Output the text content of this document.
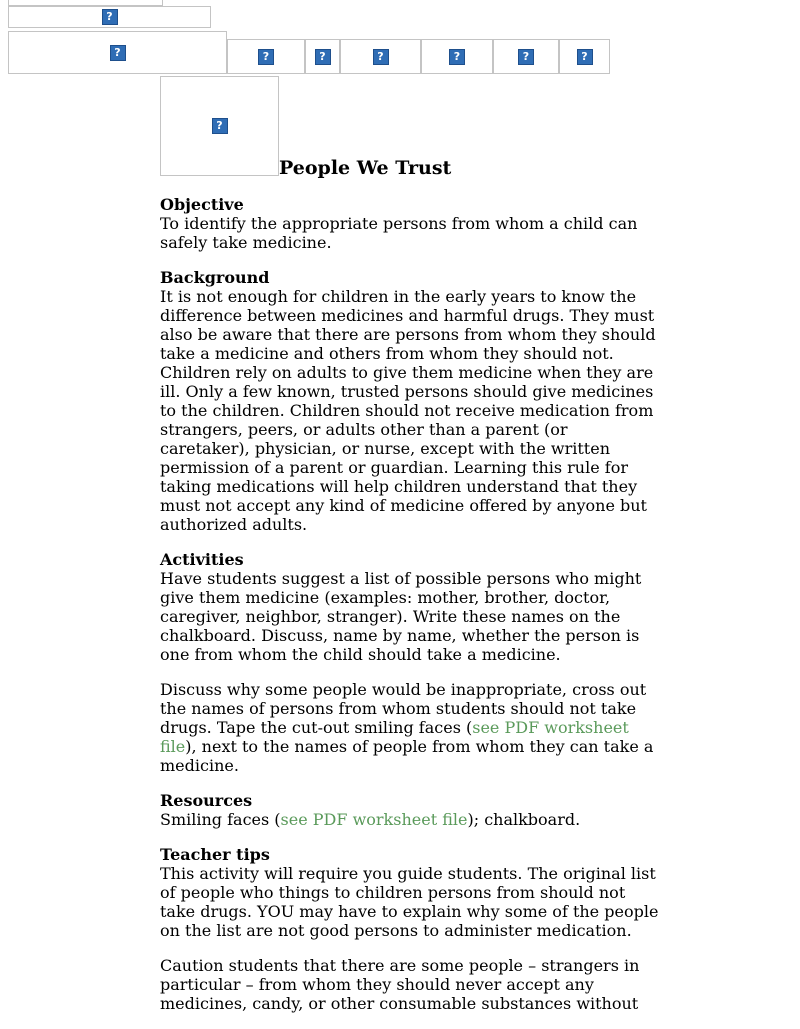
?
?
?
?
?
?
?
?
?
People We Trust
Objective

To identify the appropriate persons from whom a child can safely take medicine.

Background

It is not enough for children in the early years to know the difference between medicines and harmful drugs. They must also be aware that there are persons from whom they should take a medicine and others from whom they should not. Children rely on adults to give them medicine when they are ill. Only a few known, trusted persons should give medicines to the children. Children should not receive medication from strangers, peers, or adults other than a parent (or caretaker), physician, or nurse, except with the written permission of a parent or guardian. Learning this rule for taking medications will help children understand that they must not accept any kind of medicine offered by anyone but authorized adults.

Activities

Have students suggest a list of possible persons who might give them medicine (examples: mother, brother, doctor, caregiver, neighbor, stranger). Write these names on the chalkboard. Discuss, name by name, whether the person is one from whom the child should take a medicine.

Discuss why some people would be inappropriate, cross out the names of persons from whom students should not take drugs. Tape the cut-out smiling faces (see PDF worksheet file), next to the names of people from whom they can take a medicine.

Resources

Smiling faces (see PDF worksheet file); chalkboard.

Teacher tips

This activity will require you guide students. The original list of people who things to children persons from should not take drugs. YOU may have to explain why some of the people on the list are not good persons to administer medication.

Caution students that there are some people – strangers in particular – from whom they should never accept any medicines, candy, or other consumable substances without
